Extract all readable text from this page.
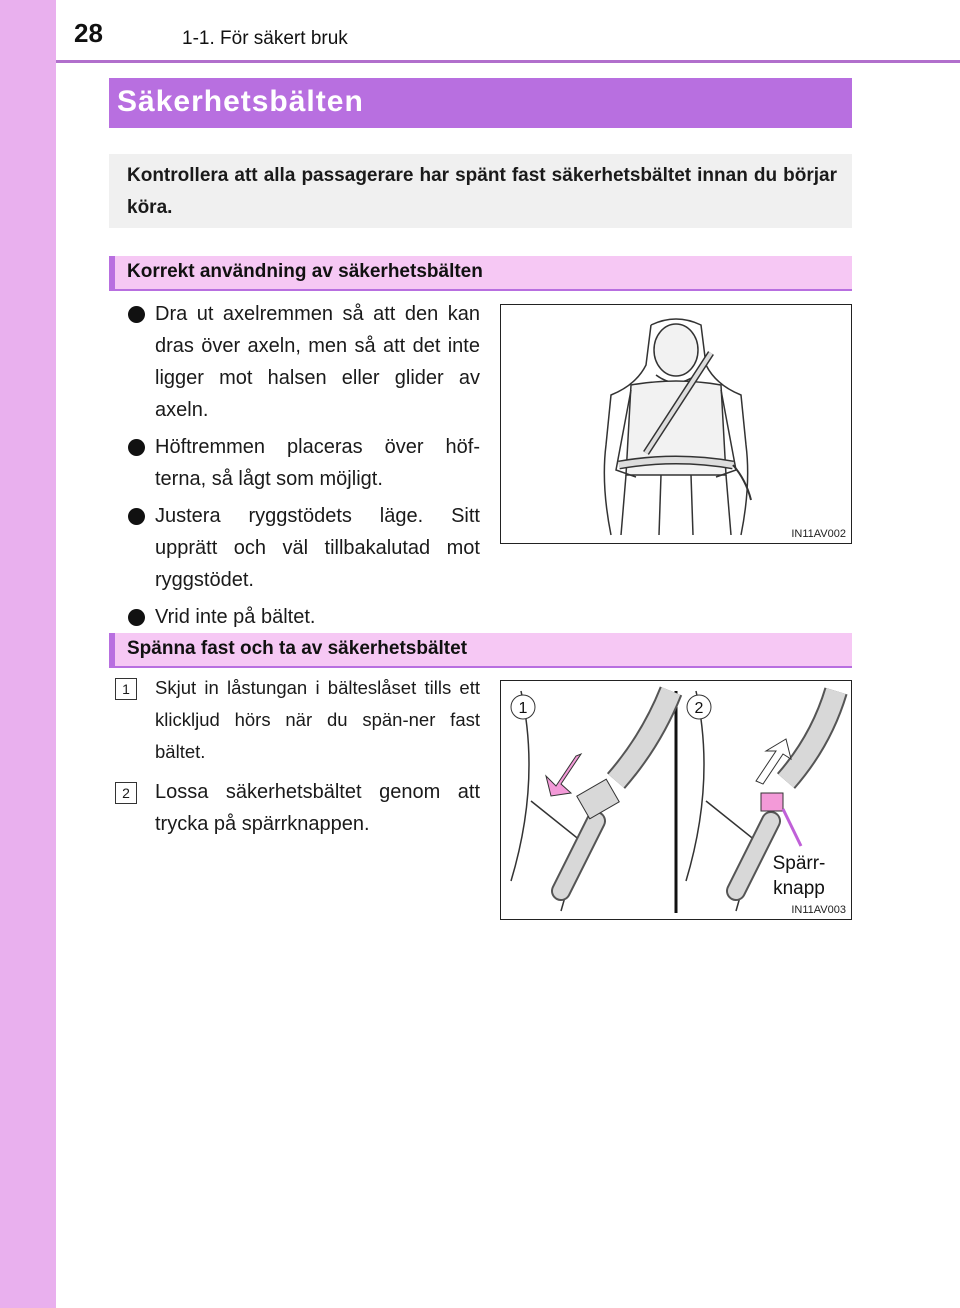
28	1-1. För säkert bruk
Säkerhetsbälten
Kontrollera att alla passagerare har spänt fast säkerhetsbältet innan du börjar köra.
Korrekt användning av säkerhetsbälten
Dra ut axelremmen så att den kan dras över axeln, men så att det inte ligger mot halsen eller glider av axeln.
Höftremmen placeras över höf-terna, så lågt som möjligt.
Justera ryggstödets läge. Sitt upprätt och väl tillbakalutad mot ryggstödet.
Vrid inte på bältet.
IN11AV002
Spänna fast och ta av säkerhetsbältet
1	Skjut in låstungan i bälteslåset tills ett klickljud hörs när du spän-ner fast bältet.
2	Lossa säkerhetsbältet genom att trycka på spärrknappen.
1	2
Spärr-
knapp
IN11AV003
